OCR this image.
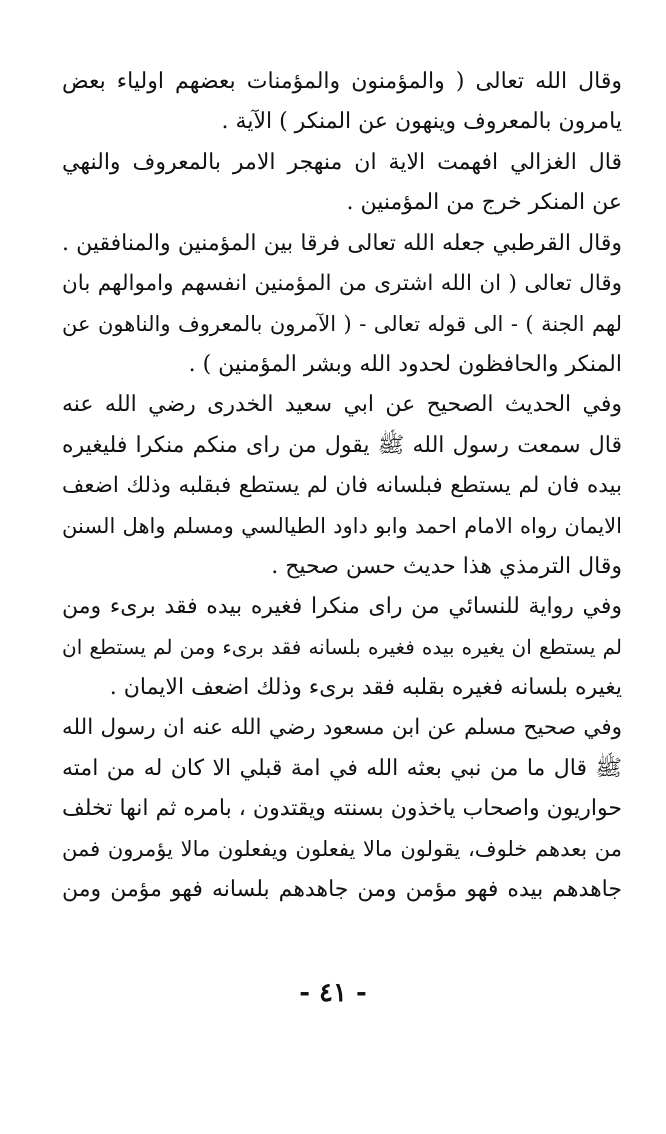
وقال الله تعالى ( والمؤمنون والمؤمنات بعضهم اولياء بعض
يامرون بالمعروف وينهون عن المنكر ) الآية .
قال الغزالي افهمت الاية ان منهجر الامر بالمعروف والنهي
عن المنكر خرج من المؤمنين .
وقال القرطبي جعله الله تعالى فرقا بين المؤمنين والمنافقين .
وقال تعالى ( ان الله اشترى من المؤمنين انفسهم واموالهم بان
لهم الجنة ) - الى قوله تعالى - ( الآمرون بالمعروف والناهون عن
المنكر والحافظون لحدود الله وبشر المؤمنين ) .
وفي الحديث الصحيح عن ابي سعيد الخدرى رضي الله عنه
قال سمعت رسول الله ﷺ يقول من راى منكم منكرا فليغيره
بيده فان لم يستطع فبلسانه فان لم يستطع فبقلبه وذلك اضعف
الايمان رواه الامام احمد وابو داود الطيالسي ومسلم واهل السنن
وقال الترمذي هذا حديث حسن صحيح .
وفي رواية للنسائي من راى منكرا فغيره بيده فقد برىء ومن
لم يستطع ان يغيره بيده فغيره بلسانه فقد برىء ومن لم يستطع ان
يغيره بلسانه فغيره بقلبه فقد برىء وذلك اضعف الايمان .
وفي صحيح مسلم عن ابن مسعود رضي الله عنه ان رسول الله
ﷺ قال ما من نبي بعثه الله في امة قبلي الا كان له من امته
حواريون واصحاب ياخذون بسنته ويقتدون ، بامره ثم انها تخلف
من بعدهم خلوف، يقولون مالا يفعلون ويفعلون مالا يؤمرون فمن
جاهدهم بيده فهو مؤمن ومن جاهدهم بلسانه فهو مؤمن ومن
- ٤١ -
